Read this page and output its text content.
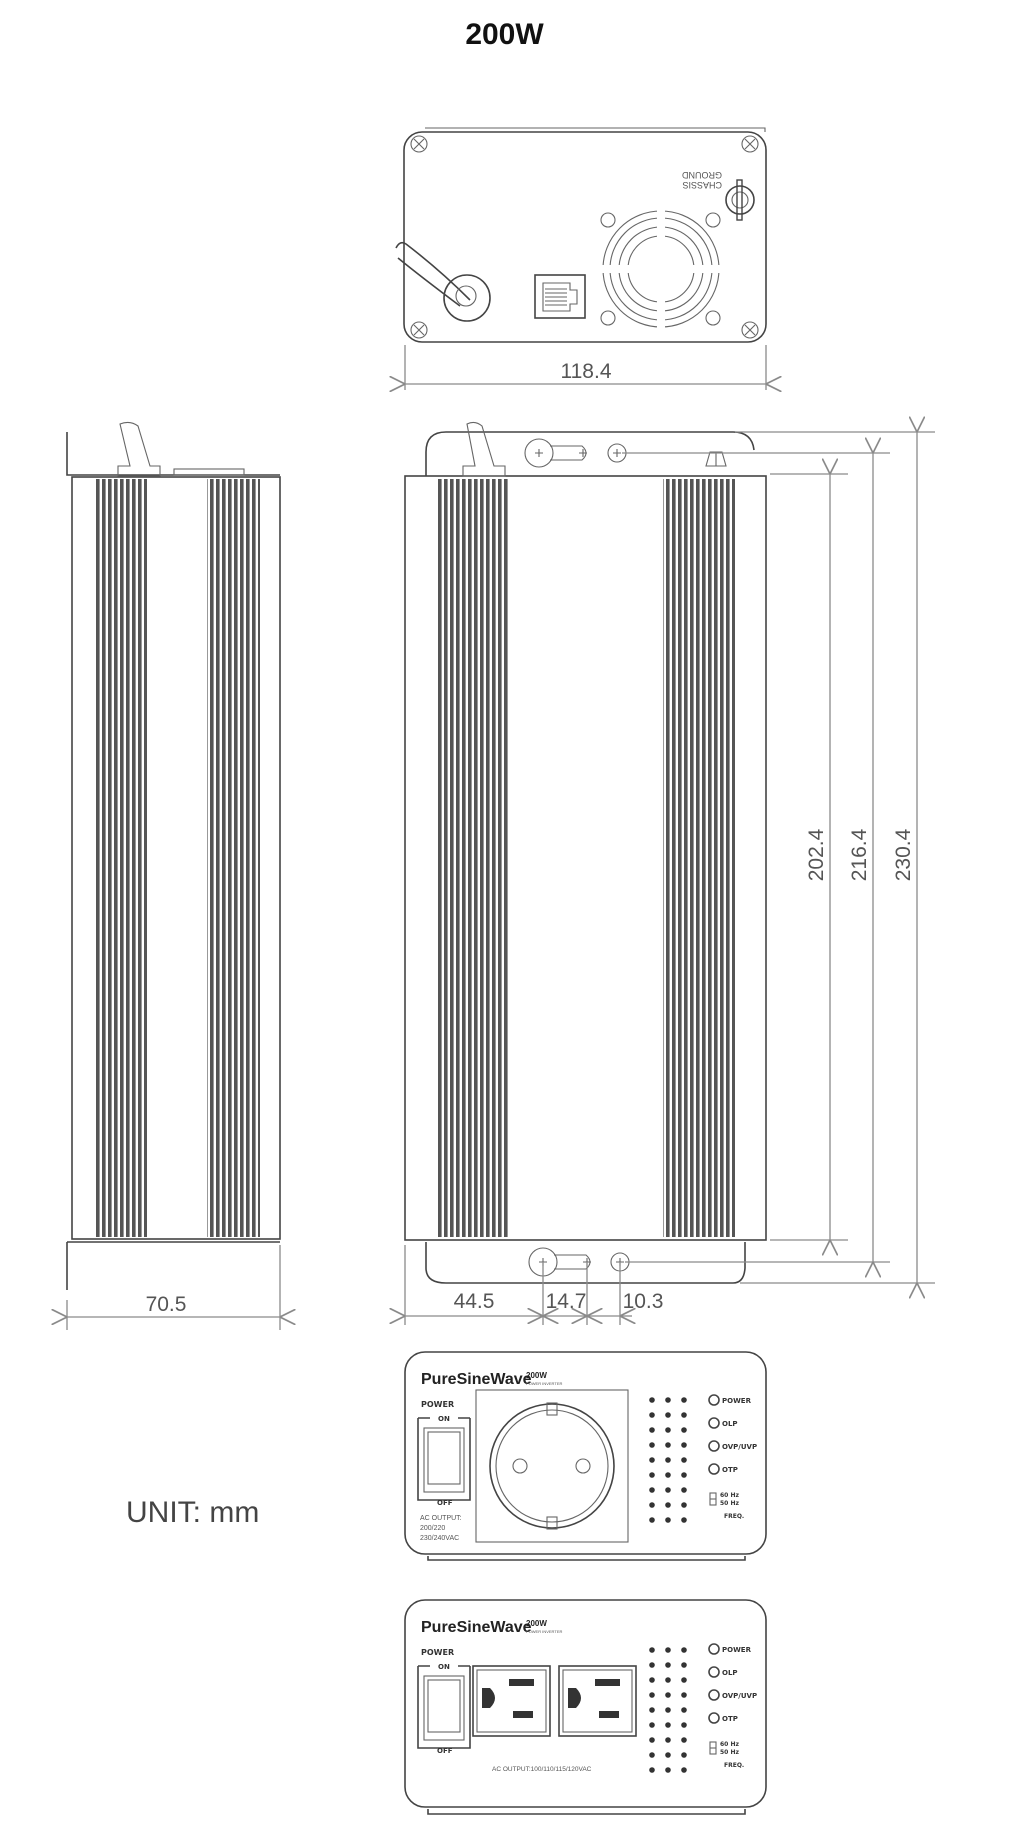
200W
CHASSIS
GROUND
118.4
70.5
202.4 216.4 230.4
44.5 14.7 10.3
PureSineWave
200W
POWER INVERTER
POWER
ON
OFF
AC OUTPUT:
200/220
230/240VAC
POWER
OLP
OVP/UVP
OTP
60 Hz
50 Hz
FREQ.
PureSineWave
200W
POWER INVERTER
POWER
ON
OFF
AC OUTPUT:100/110/115/120VAC
POWER
OLP
OVP/UVP
OTP
60 Hz
50 Hz
FREQ.
UNIT: mm
